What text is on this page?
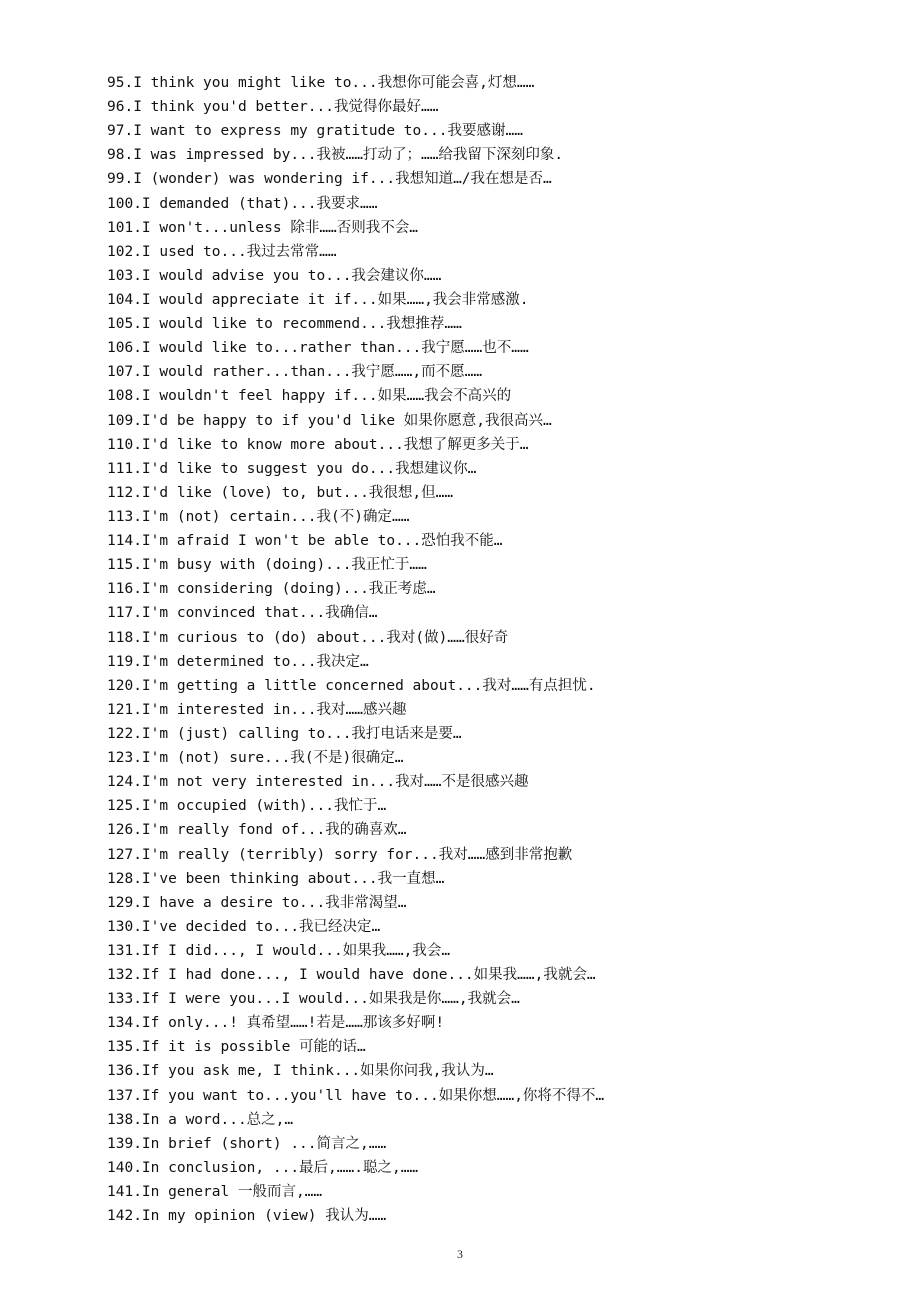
95.I think you might like to...我想你可能会喜,灯想……
96.I think you'd better...我觉得你最好……
97.I want to express my gratitude to...我要感谢……
98.I was impressed by...我被……打动了；……给我留下深刻印象.
99.I (wonder) was wondering if...我想知道…/我在想是否…
100.I demanded (that)...我要求……
101.I won't...unless 除非……否则我不会…
102.I used to...我过去常常……
103.I would advise you to...我会建议你……
104.I would appreciate it if...如果……,我会非常感激.
105.I would like to recommend...我想推荐……
106.I would like to...rather than...我宁愿……也不……
107.I would rather...than...我宁愿……,而不愿……
108.I wouldn't feel happy if...如果……我会不高兴的
109.I'd be happy to if you'd like 如果你愿意,我很高兴…
110.I'd like to know more about...我想了解更多关于…
111.I'd like to suggest you do...我想建议你…
112.I'd like (love) to, but...我很想,但……
113.I'm (not) certain...我(不)确定……
114.I'm afraid I won't be able to...恐怕我不能…
115.I'm busy with (doing)...我正忙于……
116.I'm considering (doing)...我正考虑…
117.I'm convinced that...我确信…
118.I'm curious to (do) about...我对(做)……很好奇
119.I'm determined to...我决定…
120.I'm getting a little concerned about...我对……有点担忧.
121.I'm interested in...我对……感兴趣
122.I'm (just) calling to...我打电话来是要…
123.I'm (not) sure...我(不是)很确定…
124.I'm not very interested in...我对……不是很感兴趣
125.I'm occupied (with)...我忙于…
126.I'm really fond of...我的确喜欢…
127.I'm really (terribly) sorry for...我对……感到非常抱歉
128.I've been thinking about...我一直想…
129.I have a desire to...我非常渴望…
130.I've decided to...我已经决定…
131.If I did..., I would...如果我……,我会…
132.If I had done..., I would have done...如果我……,我就会…
133.If I were you...I would...如果我是你……,我就会…
134.If only...! 真希望……!若是……那该多好啊!
135.If it is possible 可能的话…
136.If you ask me, I think...如果你问我,我认为…
137.If you want to...you'll have to...如果你想……,你将不得不…
138.In a word...总之,…
139.In brief (short) ...简言之,……
140.In conclusion, ...最后,…….聪之,……
141.In general 一般而言,……
142.In my opinion (view) 我认为……
3
